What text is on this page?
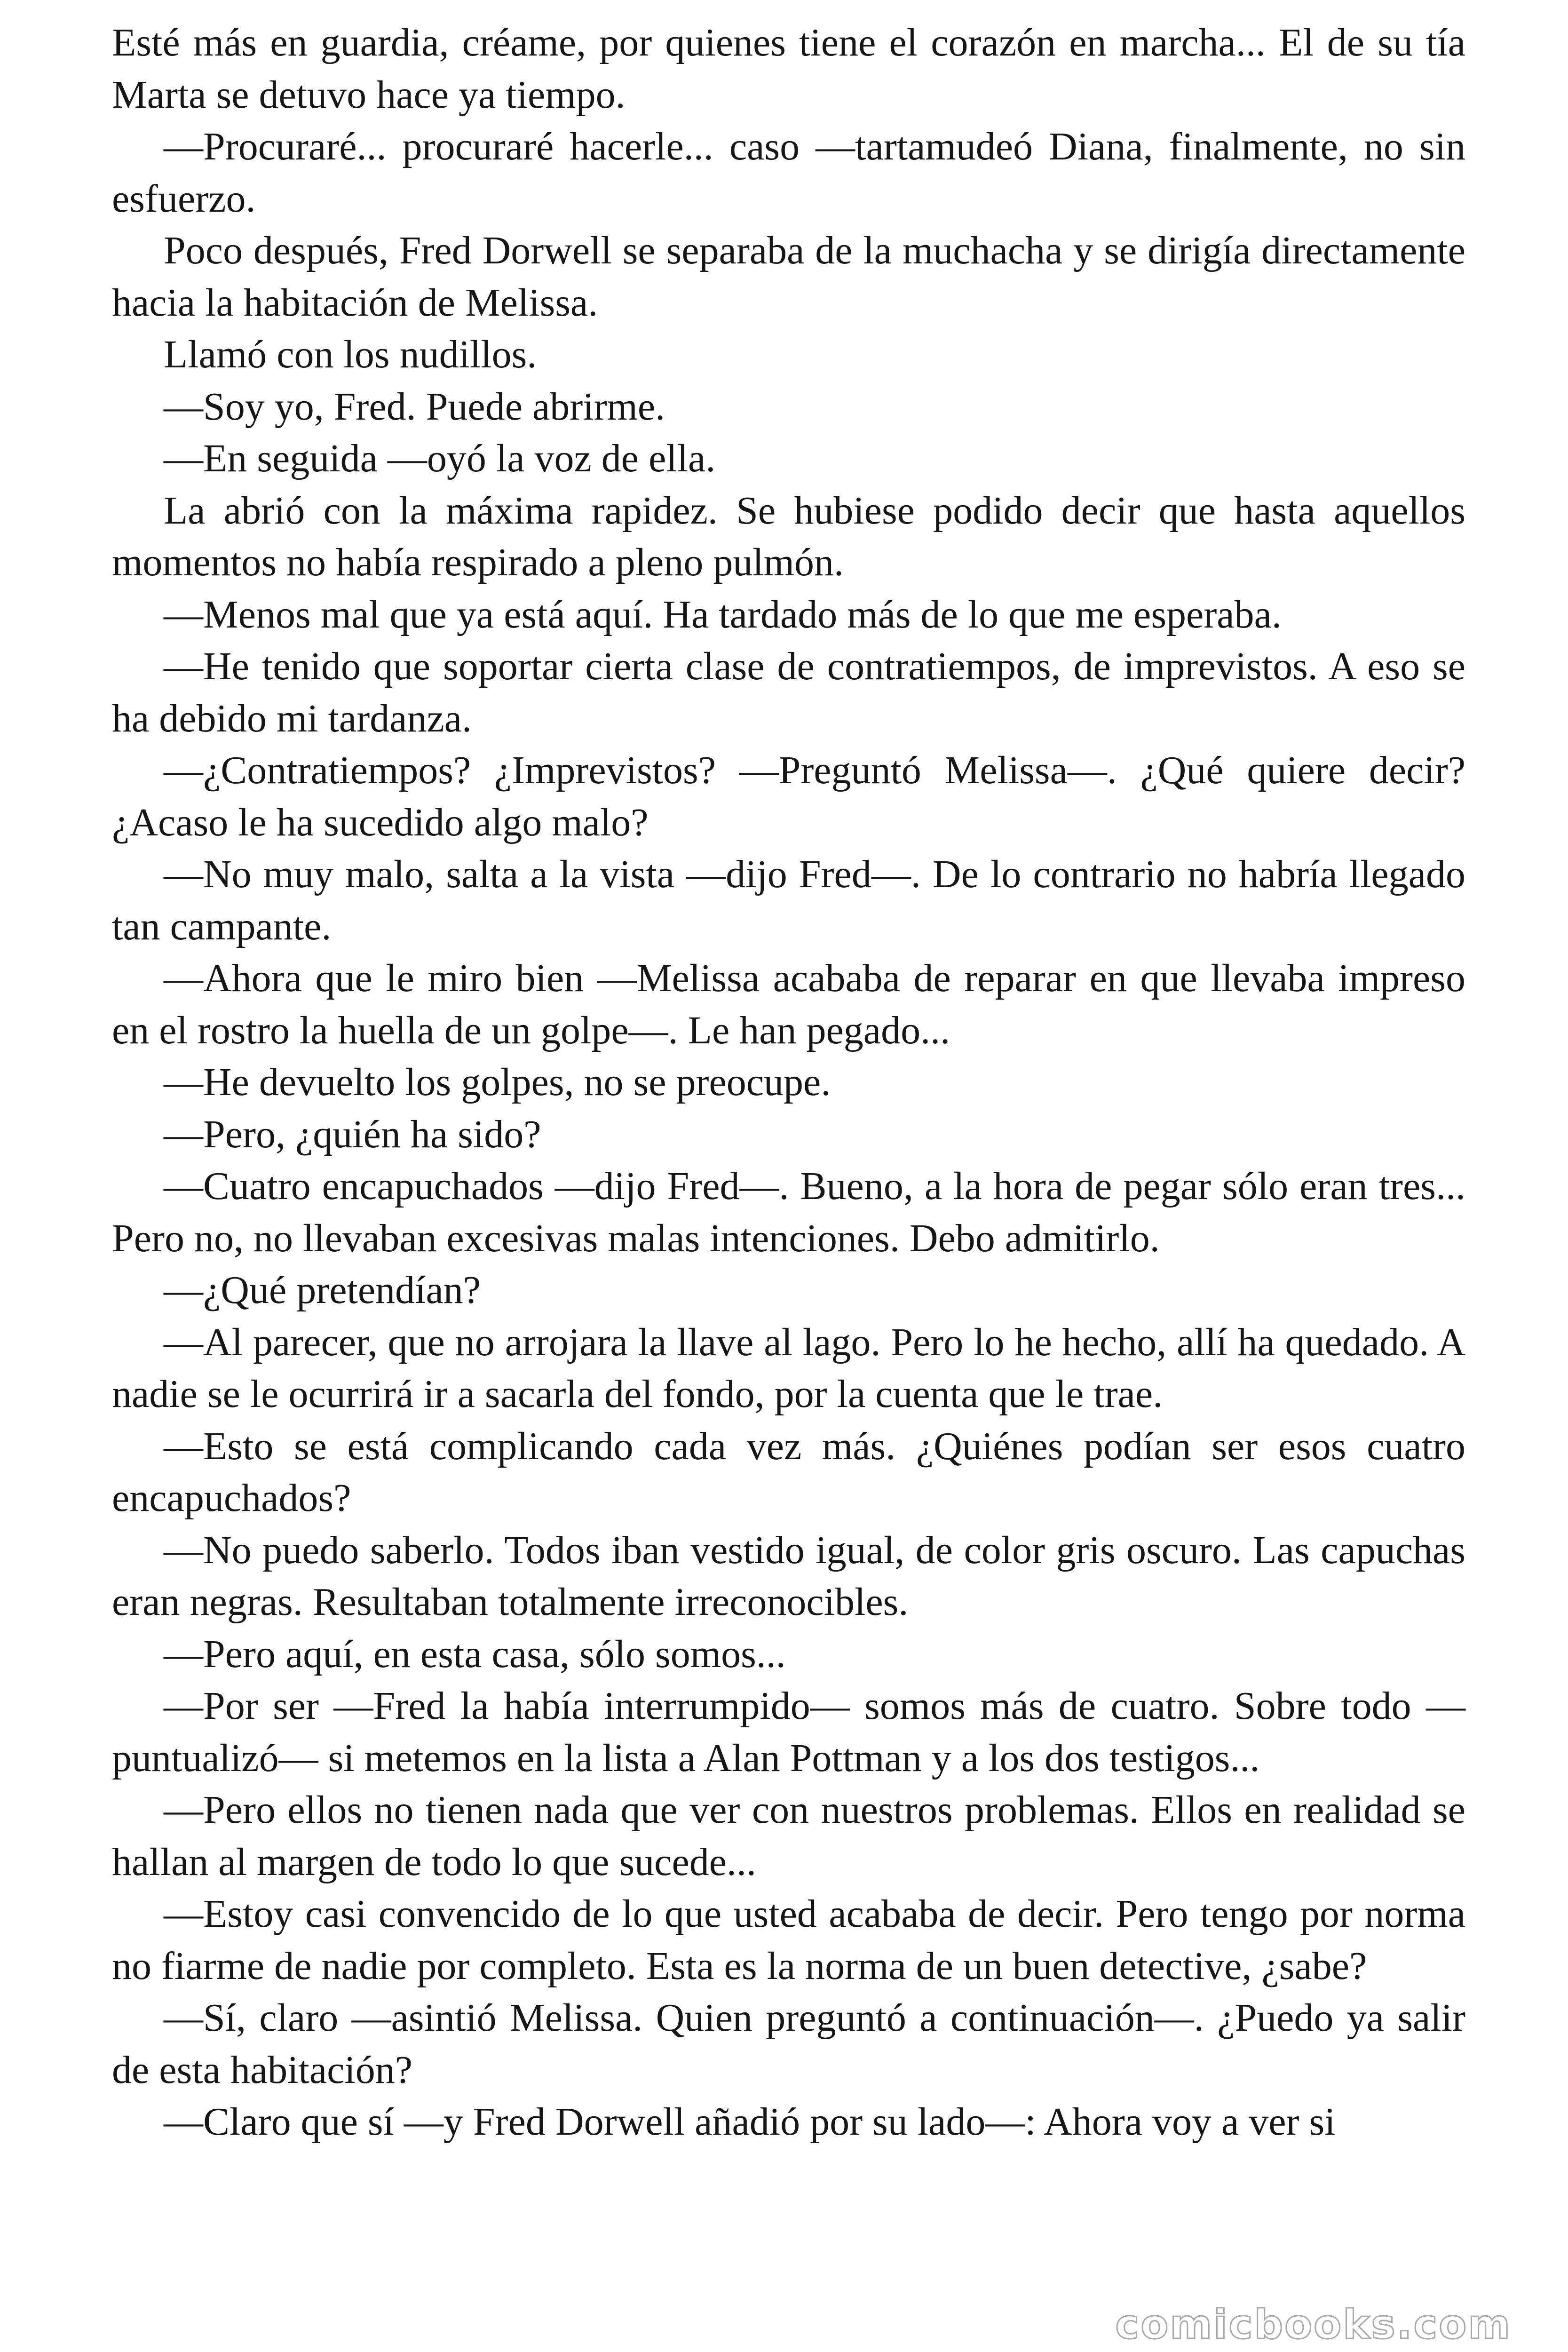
Esté más en guardia, créame, por quienes tiene el corazón en marcha... El de su tía Marta se detuvo hace ya tiempo.

—Procuraré... procuraré hacerle... caso —tartamudeó Diana, finalmente, no sin esfuerzo.

Poco después, Fred Dorwell se separaba de la muchacha y se dirigía directamente hacia la habitación de Melissa.

Llamó con los nudillos.

—Soy yo, Fred. Puede abrirme.

—En seguida —oyó la voz de ella.

La abrió con la máxima rapidez. Se hubiese podido decir que hasta aquellos momentos no había respirado a pleno pulmón.

—Menos mal que ya está aquí. Ha tardado más de lo que me esperaba.

—He tenido que soportar cierta clase de contratiempos, de imprevistos. A eso se ha debido mi tardanza.

—¿Contratiempos? ¿Imprevistos? —Preguntó Melissa—. ¿Qué quiere decir? ¿Acaso le ha sucedido algo malo?

—No muy malo, salta a la vista —dijo Fred—. De lo contrario no habría llegado tan campante.

—Ahora que le miro bien —Melissa acababa de reparar en que llevaba impreso en el rostro la huella de un golpe—. Le han pegado...

—He devuelto los golpes, no se preocupe.

—Pero, ¿quién ha sido?

—Cuatro encapuchados —dijo Fred—. Bueno, a la hora de pegar sólo eran tres... Pero no, no llevaban excesivas malas intenciones. Debo admitirlo.

—¿Qué pretendían?

—Al parecer, que no arrojara la llave al lago. Pero lo he hecho, allí ha quedado. A nadie se le ocurrirá ir a sacarla del fondo, por la cuenta que le trae.

—Esto se está complicando cada vez más. ¿Quiénes podían ser esos cuatro encapuchados?

—No puedo saberlo. Todos iban vestido igual, de color gris oscuro. Las capuchas eran negras. Resultaban totalmente irreconocibles.

—Pero aquí, en esta casa, sólo somos...

—Por ser —Fred la había interrumpido— somos más de cuatro. Sobre todo —puntualizó— si metemos en la lista a Alan Pottman y a los dos testigos...

—Pero ellos no tienen nada que ver con nuestros problemas. Ellos en realidad se hallan al margen de todo lo que sucede...

—Estoy casi convencido de lo que usted acababa de decir. Pero tengo por norma no fiarme de nadie por completo. Esta es la norma de un buen detective, ¿sabe?

—Sí, claro —asintió Melissa. Quien preguntó a continuación—. ¿Puedo ya salir de esta habitación?

—Claro que sí —y Fred Dorwell añadió por su lado—: Ahora voy a ver si

comicbooks.com
